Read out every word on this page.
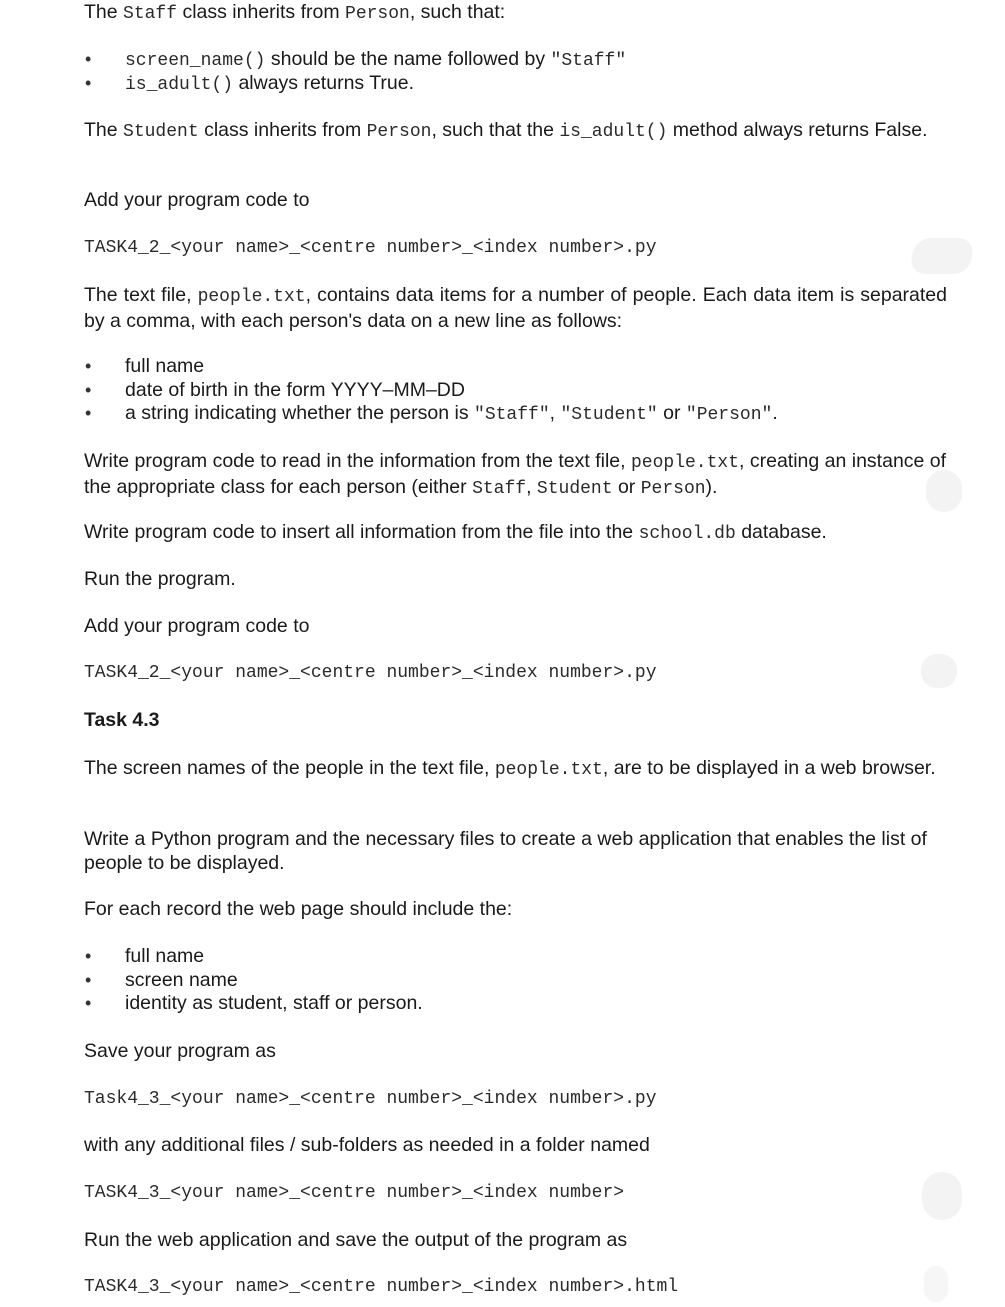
The Staff class inherits from Person, such that:

• screen_name() should be the name followed by "Staff"
• is_adult() always returns True.

The Student class inherits from Person, such that the is_adult() method always returns False.

Add your program code to

TASK4_2_<your name>_<centre number>_<index number>.py

The text file, people.txt, contains data items for a number of people. Each data item is separated by a comma, with each person's data on a new line as follows:

• full name
• date of birth in the form YYYY–MM–DD
• a string indicating whether the person is "Staff", "Student" or "Person".

Write program code to read in the information from the text file, people.txt, creating an instance of the appropriate class for each person (either Staff, Student or Person).

Write program code to insert all information from the file into the school.db database.

Run the program.

Add your program code to

TASK4_2_<your name>_<centre number>_<index number>.py

Task 4.3

The screen names of the people in the text file, people.txt, are to be displayed in a web browser.

Write a Python program and the necessary files to create a web application that enables the list of people to be displayed.

For each record the web page should include the:

• full name
• screen name
• identity as student, staff or person.

Save your program as

Task4_3_<your name>_<centre number>_<index number>.py

with any additional files / sub-folders as needed in a folder named

TASK4_3_<your name>_<centre number>_<index number>

Run the web application and save the output of the program as

TASK4_3_<your name>_<centre number>_<index number>.html
